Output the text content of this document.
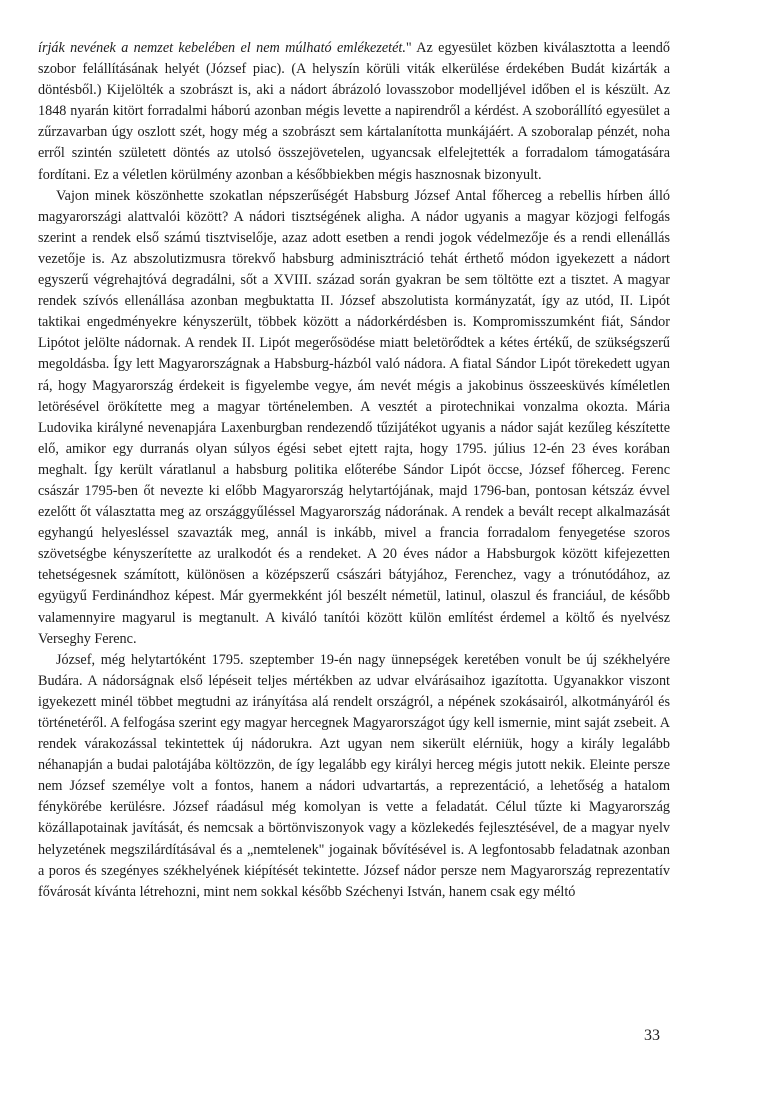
írják nevének a nemzet kebelében el nem múlható emlékezetét." Az egyesület közben kiválasztotta a leendő szobor felállításának helyét (József piac). (A helyszín körüli viták elkerülése érdekében Budát kizárták a döntésből.) Kijelölték a szobrászt is, aki a nádort ábrázoló lovasszobor modelljével időben el is készült. Az 1848 nyarán kitört forradalmi háború azonban mégis levette a napirendről a kérdést. A szoborállító egyesület a zűrzavarban úgy oszlott szét, hogy még a szobrászt sem kártalanította munkájáért. A szoboralap pénzét, noha erről szintén született döntés az utolsó összejövetelen, ugyancsak elfelejtették a forradalom támogatására fordítani. Ez a véletlen körülmény azonban a későbbiekben mégis hasznosnak bizonyult.

Vajon minek köszönhette szokatlan népszerűségét Habsburg József Antal főherceg a rebellis hírben álló magyarországi alattvalói között? A nádori tisztségének aligha. A nádor ugyanis a magyar közjogi felfogás szerint a rendek első számú tisztviselője, azaz adott esetben a rendi jogok védelmezője és a rendi ellenállás vezetője is. Az abszolutizmusra törekvő habsburg adminisztráció tehát érthető módon igyekezett a nádort egyszerű végrehajtóvá degradálni, sőt a XVIII. század során gyakran be sem töltötte ezt a tisztet. A magyar rendek szívós ellenállása azonban megbuktatta II. József abszolutista kormányzatát, így az utód, II. Lipót taktikai engedményekre kényszerült, többek között a nádorkérdésben is. Kompromisszumként fiát, Sándor Lipótot jelölte nádornak. A rendek II. Lipót megerősödése miatt beletörődtek a kétes értékű, de szükségszerű megoldásba. Így lett Magyarországnak a Habsburg-házból való nádora. A fiatal Sándor Lipót törekedett ugyan rá, hogy Magyarország érdekeit is figyelembe vegye, ám nevét mégis a jakobinus összeesküvés kíméletlen letörésével örökítette meg a magyar történelemben. A vesztét a pirotechnikai vonzalma okozta. Mária Ludovika királyné nevenapjára Laxenburgban rendezendő tűzijátékot ugyanis a nádor saját kezűleg készítette elő, amikor egy durranás olyan súlyos égési sebet ejtett rajta, hogy 1795. július 12-én 23 éves korában meghalt. Így került váratlanul a habsburg politika előterébe Sándor Lipót öccse, József főherceg. Ferenc császár 1795-ben őt nevezte ki előbb Magyarország helytartójának, majd 1796-ban, pontosan kétszáz évvel ezelőtt őt választatta meg az országgyűléssel Magyarország nádorának. A rendek a bevált recept alkalmazását egyhangú helyesléssel szavazták meg, annál is inkább, mivel a francia forradalom fenyegetése szoros szövetségbe kényszerítette az uralkodót és a rendeket. A 20 éves nádor a Habsburgok között kifejezetten tehetségesnek számított, különösen a középszerű császári bátyjához, Ferenchez, vagy a trónutódához, az együgyű Ferdinándhoz képest. Már gyermekként jól beszélt németül, latinul, olaszul és franciául, de később valamennyire magyarul is megtanult. A kiváló tanítói között külön említést érdemel a költő és nyelvész Verseghy Ferenc.

József, még helytartóként 1795. szeptember 19-én nagy ünnepségek keretében vonult be új székhelyére Budára. A nádorságnak első lépéseit teljes mértékben az udvar elvárásaihoz igazította. Ugyanakkor viszont igyekezett minél többet megtudni az irányítása alá rendelt országról, a népének szokásairól, alkotmányáról és történetéről. A felfogása szerint egy magyar hercegnek Magyarországot úgy kell ismernie, mint saját zsebeit. A rendek várakozással tekintettek új nádorukra. Azt ugyan nem sikerült elérniük, hogy a király legalább néhanapján a budai palotájába költözzön, de így legalább egy királyi herceg mégis jutott nekik. Eleinte persze nem József személye volt a fontos, hanem a nádori udvartartás, a reprezentáció, a lehetőség a hatalom fénykörébe kerülésre. József ráadásul még komolyan is vette a feladatát. Célul tűzte ki Magyarország közállapotainak javítását, és nemcsak a börtönviszonyok vagy a közlekedés fejlesztésével, de a magyar nyelv helyzetének megszilárdításával és a „nemtelenek" jogainak bővítésével is. A legfontosabb feladatnak azonban a poros és szegényes székhelyének kiépítését tekintette. József nádor persze nem Magyarország reprezentatív fővárosát kívánta létrehozni, mint nem sokkal később Széchenyi István, hanem csak egy méltó

33
